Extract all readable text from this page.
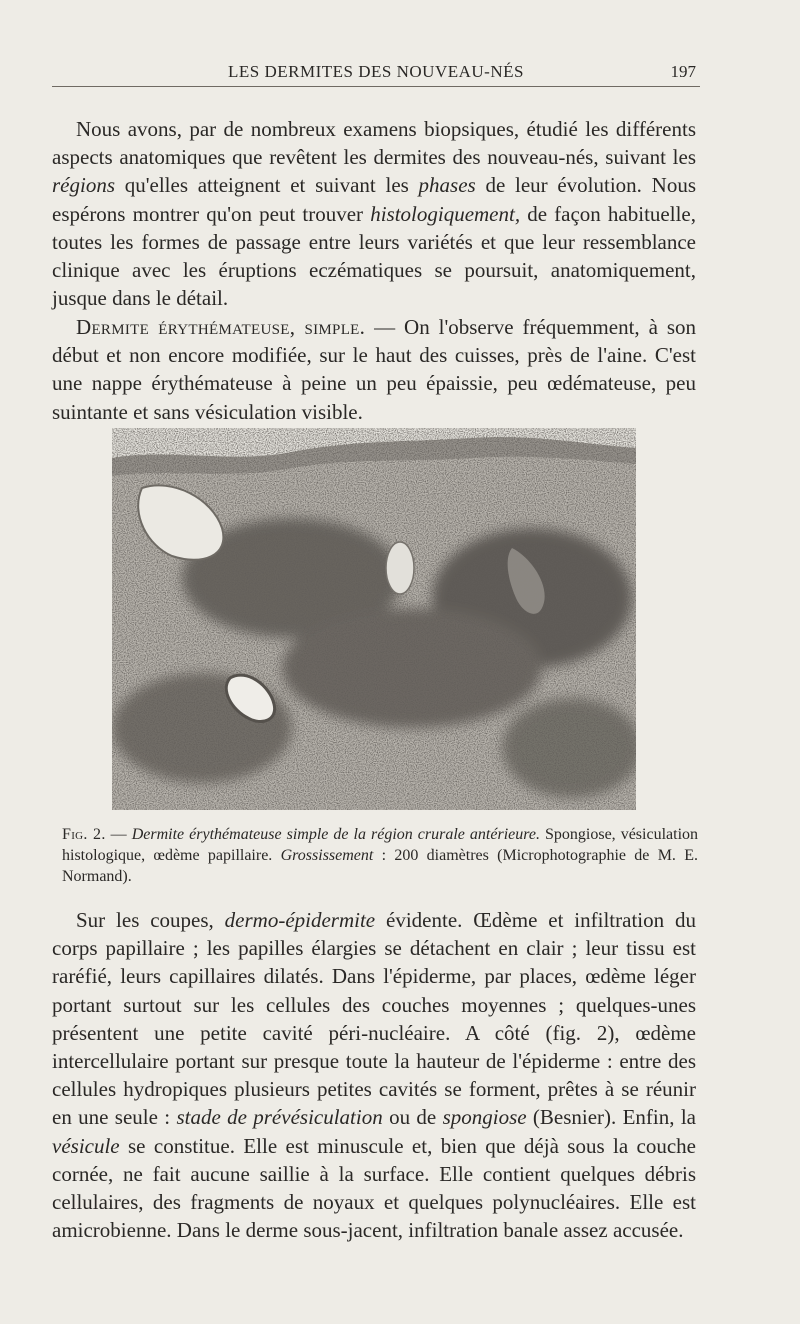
LES DERMITES DES NOUVEAU-NÉS	197

Nous avons, par de nombreux examens biopsiques, étudié les différents aspects anatomiques que revêtent les dermites des nouveau-nés, suivant les régions qu'elles atteignent et suivant les phases de leur évolution. Nous espérons montrer qu'on peut trouver histologiquement, de façon habituelle, toutes les formes de passage entre leurs variétés et que leur ressemblance clinique avec les éruptions eczématiques se poursuit, anatomiquement, jusque dans le détail.

Dermite érythémateuse, simple. — On l'observe fréquemment, à son début et non encore modifiée, sur le haut des cuisses, près de l'aine. C'est une nappe érythémateuse à peine un peu épaissie, peu œdémateuse, peu suintante et sans vésiculation visible.

Fig. 2. — Dermite érythémateuse simple de la région crurale antérieure. Spongiose, vésiculation histologique, œdème papillaire. Grossissement : 200 diamètres (Microphotographie de M. E. Normand).

Sur les coupes, dermo-épidermite évidente. Œdème et infiltration du corps papillaire ; les papilles élargies se détachent en clair ; leur tissu est raréfié, leurs capillaires dilatés. Dans l'épiderme, par places, œdème léger portant surtout sur les cellules des couches moyennes ; quelques-unes présentent une petite cavité péri-nucléaire. A côté (fig. 2), œdème intercellulaire portant sur presque toute la hauteur de l'épiderme : entre des cellules hydropiques plusieurs petites cavités se forment, prêtes à se réunir en une seule : stade de prévésiculation ou de spongiose (Besnier). Enfin, la vésicule se constitue. Elle est minuscule et, bien que déjà sous la couche cornée, ne fait aucune saillie à la surface. Elle contient quelques débris cellulaires, des fragments de noyaux et quelques polynucléaires. Elle est amicrobienne. Dans le derme sous-jacent, infiltration banale assez accusée.
